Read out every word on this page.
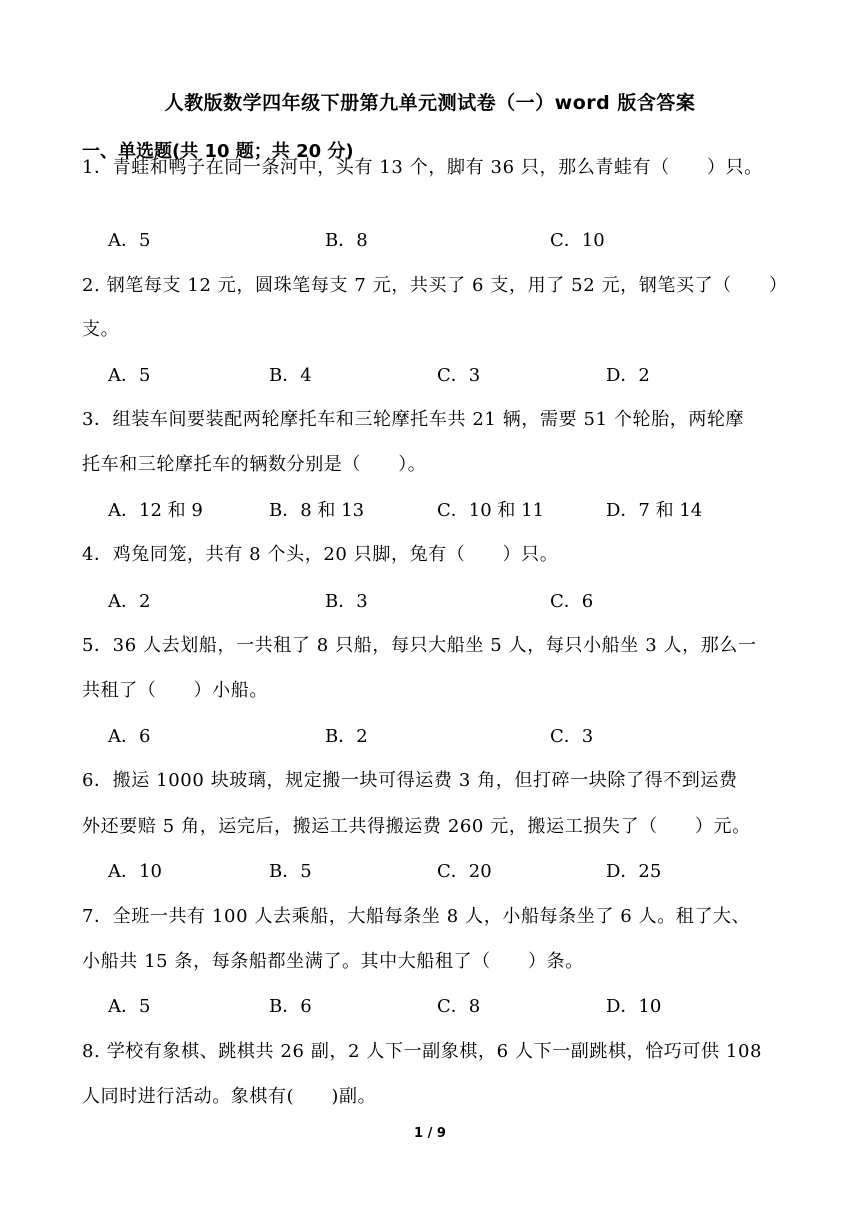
人教版数学四年级下册第九单元测试卷（一）word 版含答案
一、单选题(共 10 题；共 20 分)
1．青蛙和鸭子在同一条河中，头有 13 个，脚有 36 只，那么青蛙有（　　）只。
A．5	B．8	C．10
2. 钢笔每支 12 元，圆珠笔每支 7 元，共买了 6 支，用了 52 元，钢笔买了（　　）
支。
A．5	B．4	C．3	D．2
3．组装车间要装配两轮摩托车和三轮摩托车共 21 辆，需要 51 个轮胎，两轮摩
托车和三轮摩托车的辆数分别是（　　）。
A．12 和 9	B．8 和 13	C．10 和 11	D．7 和 14
4．鸡兔同笼，共有 8 个头，20 只脚，兔有（　　）只。
A．2	B．3	C．6
5．36 人去划船，一共租了 8 只船，每只大船坐 5 人，每只小船坐 3 人，那么一
共租了（　　）小船。
A．6	B．2	C．3
6．搬运 1000 块玻璃，规定搬一块可得运费 3 角，但打碎一块除了得不到运费
外还要赔 5 角，运完后，搬运工共得搬运费 260 元，搬运工损失了（　　）元。
A．10	B．5	C．20	D．25
7．全班一共有 100 人去乘船，大船每条坐 8 人，小船每条坐了 6 人。租了大、
小船共 15 条，每条船都坐满了。其中大船租了（　　）条。
A．5	B．6	C．8	D．10
8. 学校有象棋、跳棋共 26 副，2 人下一副象棋，6 人下一副跳棋，恰巧可供 108
人同时进行活动。象棋有(　　)副。
1 / 9
